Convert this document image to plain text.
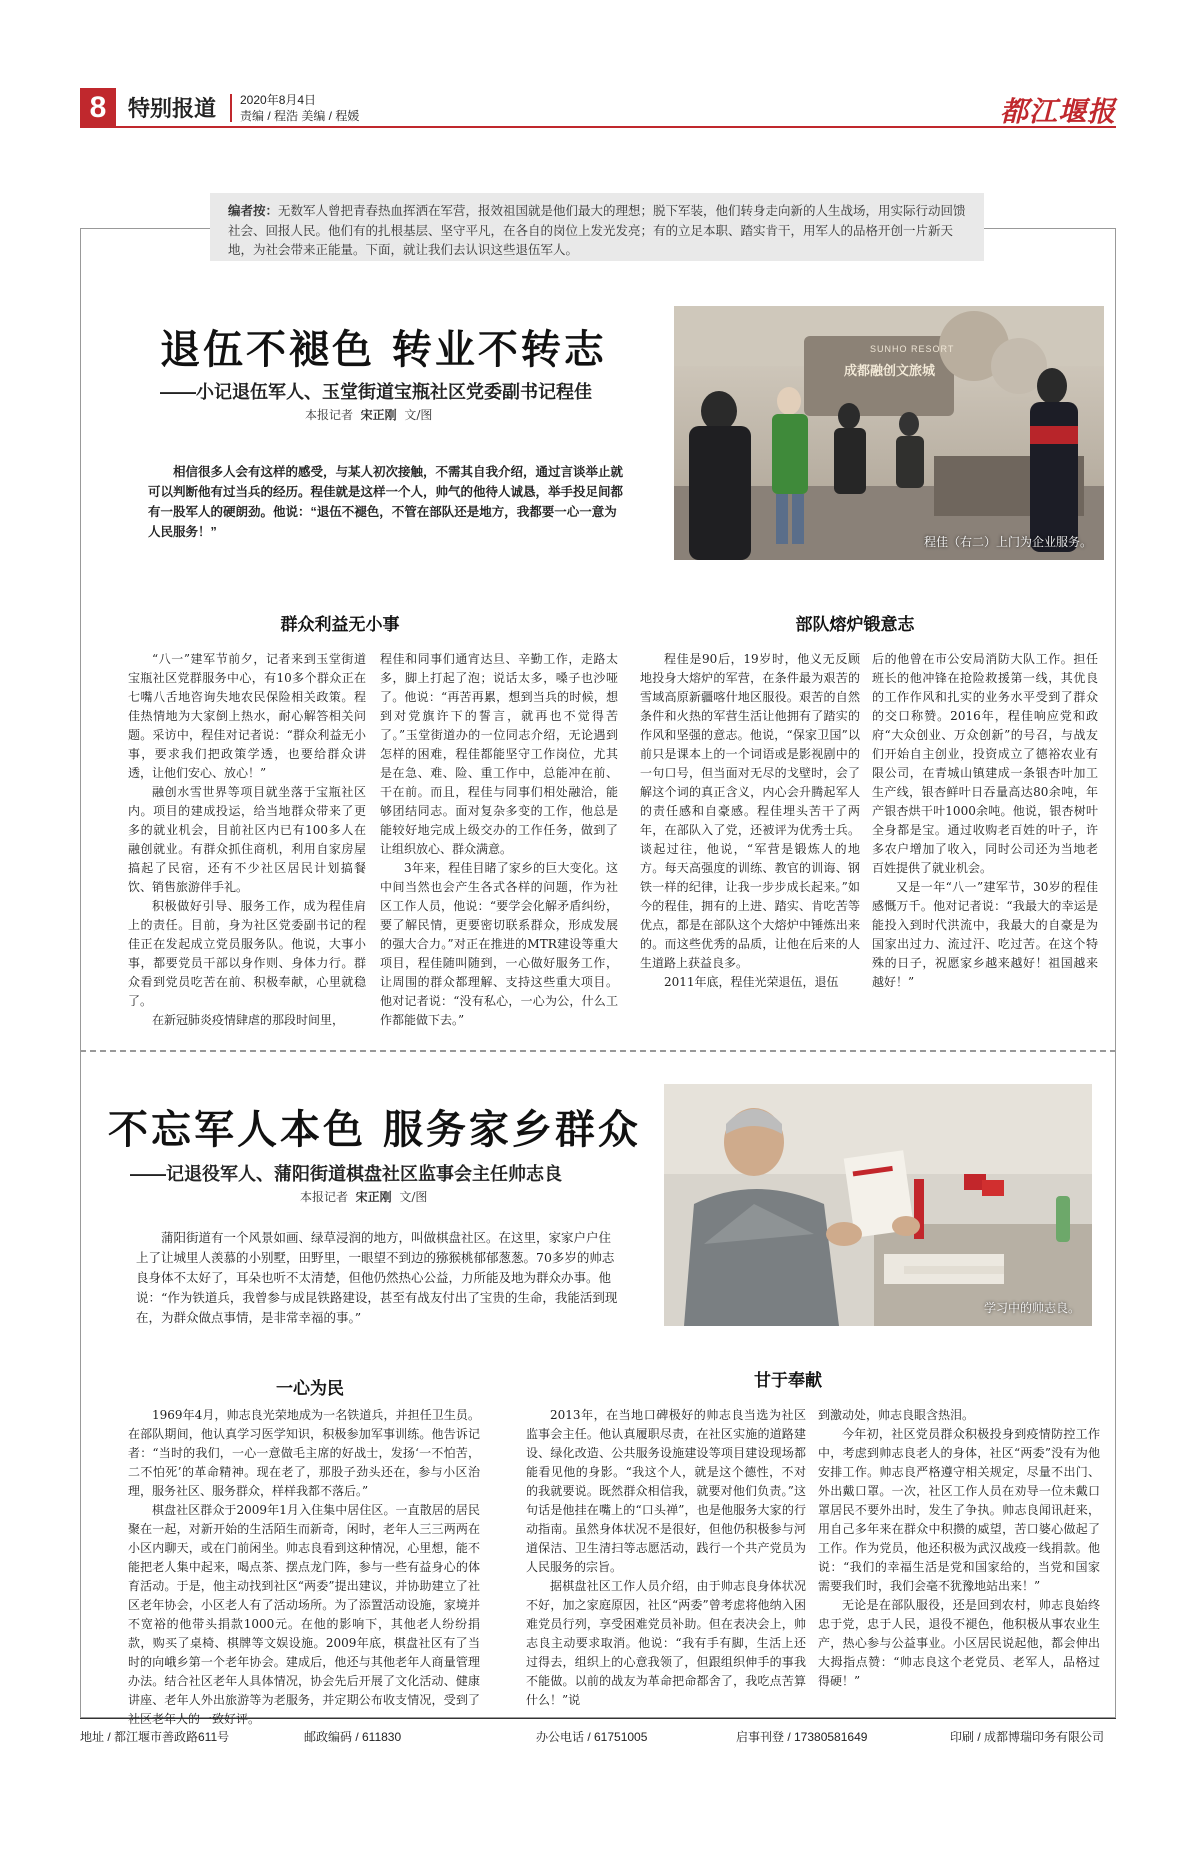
8 特别报道 2020年8月4日
责编 / 程浩 美编 / 程媛	都江堰报
编者按：无数军人曾把青春热血挥洒在军营，报效祖国就是他们最大的理想；脱下军装，他们转身走向新的人生战场，用实际行动回馈社会、回报人民。他们有的扎根基层、坚守平凡，在各自的岗位上发光发亮；有的立足本职、踏实肯干，用军人的品格开创一片新天地，为社会带来正能量。下面，就让我们去认识这些退伍军人。
退伍不褪色 转业不转志
——小记退伍军人、玉堂街道宝瓶社区党委副书记程佳
本报记者 宋正刚 文/图
相信很多人会有这样的感受，与某人初次接触，不需其自我介绍，通过言谈举止就可以判断他有过当兵的经历。程佳就是这样一个人，帅气的他待人诚恳，举手投足间都有一股军人的硬朗劲。他说：“退伍不褪色，不管在部队还是地方，我都要一心一意为人民服务！”
SUNHO RESORT
成都融创文旅城
程佳（右二）上门为企业服务。
群众利益无小事	部队熔炉锻意志

“八一”建军节前夕，记者来到玉堂街道宝瓶社区党群服务中心，有10多个群众正在七嘴八舌地咨询失地农民保险相关政策。程佳热情地为大家倒上热水，耐心解答相关问题。采访中，程佳对记者说：“群众利益无小事，要求我们把政策学透，也要给群众讲透，让他们安心、放心！”

融创水雪世界等项目就坐落于宝瓶社区内。项目的建成投运，给当地群众带来了更多的就业机会，目前社区内已有100多人在融创就业。有群众抓住商机，利用自家房屋搞起了民宿，还有不少社区居民计划搞餐饮、销售旅游伴手礼。

积极做好引导、服务工作，成为程佳肩上的责任。目前，身为社区党委副书记的程佳正在发起成立党员服务队。他说，大事小事，都要党员干部以身作则、身体力行。群众看到党员吃苦在前、积极奉献，心里就稳了。

在新冠肺炎疫情肆虐的那段时间里，

程佳和同事们通宵达旦、辛勤工作，走路太多，脚上打起了泡；说话太多，嗓子也沙哑了。他说：“再苦再累，想到当兵的时候，想到对党旗许下的誓言，就再也不觉得苦了。”玉堂街道办的一位同志介绍，无论遇到怎样的困难，程佳都能坚守工作岗位，尤其是在急、难、险、重工作中，总能冲在前、干在前。而且，程佳与同事们相处融洽，能够团结同志。面对复杂多变的工作，他总是能较好地完成上级交办的工作任务，做到了让组织放心、群众满意。

3年来，程佳目睹了家乡的巨大变化。这中间当然也会产生各式各样的问题，作为社区工作人员，他说：“要学会化解矛盾纠纷，要了解民情，更要密切联系群众，形成发展的强大合力。”对正在推进的MTR建设等重大项目，程佳随叫随到，一心做好服务工作，让周围的群众都理解、支持这些重大项目。他对记者说：“没有私心，一心为公，什么工作都能做下去。”

程佳是90后，19岁时，他义无反顾地投身大熔炉的军营，在条件最为艰苦的雪域高原新疆喀什地区服役。艰苦的自然条件和火热的军营生活让他拥有了踏实的作风和坚强的意志。他说，“保家卫国”以前只是课本上的一个词语或是影视剧中的一句口号，但当面对无尽的戈壁时，会了解这个词的真正含义，内心会升腾起军人的责任感和自豪感。程佳埋头苦干了两年，在部队入了党，还被评为优秀士兵。谈起过往，他说，“军营是锻炼人的地方。每天高强度的训练、教官的训诲、钢铁一样的纪律，让我一步步成长起来。”如今的程佳，拥有的上进、踏实、肯吃苦等优点，都是在部队这个大熔炉中锤炼出来的。而这些优秀的品质，让他在后来的人生道路上获益良多。

2011年底，程佳光荣退伍，退伍

后的他曾在市公安局消防大队工作。担任班长的他冲锋在抢险救援第一线，其优良的工作作风和扎实的业务水平受到了群众的交口称赞。2016年，程佳响应党和政府“大众创业、万众创新”的号召，与战友们开始自主创业，投资成立了德裕农业有限公司，在青城山镇建成一条银杏叶加工生产线，银杏鲜叶日吞量高达80余吨，年产银杏烘干叶1000余吨。他说，银杏树叶全身都是宝。通过收购老百姓的叶子，许多农户增加了收入，同时公司还为当地老百姓提供了就业机会。

又是一年“八一”建军节，30岁的程佳感慨万千。他对记者说：“我最大的幸运是能投入到时代洪流中，我最大的自豪是为国家出过力、流过汗、吃过苦。在这个特殊的日子，祝愿家乡越来越好！祖国越来越好！”

不忘军人本色 服务家乡群众
——记退役军人、蒲阳街道棋盘社区监事会主任帅志良
本报记者 宋正刚 文/图
蒲阳街道有一个风景如画、绿草浸润的地方，叫做棋盘社区。在这里，家家户户住上了让城里人羡慕的小别墅，田野里，一眼望不到边的猕猴桃郁郁葱葱。70多岁的帅志良身体不太好了，耳朵也听不太清楚，但他仍然热心公益，力所能及地为群众办事。他说：“作为铁道兵，我曾参与成昆铁路建设，甚至有战友付出了宝贵的生命，我能活到现在，为群众做点事情，是非常幸福的事。”
学习中的帅志良。
一心为民	甘于奉献

1969年4月，帅志良光荣地成为一名铁道兵，并担任卫生员。在部队期间，他认真学习医学知识，积极参加军事训练。他告诉记者：“当时的我们，一心一意做毛主席的好战士，发扬‘一不怕苦，二不怕死’的革命精神。现在老了，那股子劲头还在，参与小区治理，服务社区、服务群众，样样我都不落后。”

棋盘社区群众于2009年1月入住集中居住区。一直散居的居民聚在一起，对新开始的生活陌生而新奇，闲时，老年人三三两两在小区内聊天，或在门前闲坐。帅志良看到这种情况，心里想，能不能把老人集中起来，喝点茶、摆点龙门阵，参与一些有益身心的体育活动。于是，他主动找到社区“两委”提出建议，并协助建立了社区老年协会，小区老人有了活动场所。为了添置活动设施，家境并不宽裕的他带头捐款1000元。在他的影响下，其他老人纷纷捐款，购买了桌椅、棋牌等文娱设施。2009年底，棋盘社区有了当时的向峨乡第一个老年协会。建成后，他还与其他老年人商量管理办法。结合社区老年人具体情况，协会先后开展了文化活动、健康讲座、老年人外出旅游等为老服务，并定期公布收支情况，受到了社区老年人的一致好评。

2013年，在当地口碑极好的帅志良当选为社区监事会主任。他认真履职尽责，在社区实施的道路建设、绿化改造、公共服务设施建设等项目建设现场都能看见他的身影。“我这个人，就是这个德性，不对的我就要说。既然群众相信我，就要对他们负责。”这句话是他挂在嘴上的“口头禅”，也是他服务大家的行动指南。虽然身体状况不是很好，但他仍积极参与河道保洁、卫生清扫等志愿活动，践行一个共产党员为人民服务的宗旨。

据棋盘社区工作人员介绍，由于帅志良身体状况不好，加之家庭原因，社区“两委”曾考虑将他纳入困难党员行列，享受困难党员补助。但在表决会上，帅志良主动要求取消。他说：“我有手有脚，生活上还过得去，组织上的心意我领了，但跟组织伸手的事我不能做。以前的战友为革命把命都舍了，我吃点苦算什么！”说

到激动处，帅志良眼含热泪。

今年初，社区党员群众积极投身到疫情防控工作中，考虑到帅志良老人的身体，社区“两委”没有为他安排工作。帅志良严格遵守相关规定，尽量不出门、外出戴口罩。一次，社区工作人员在劝导一位未戴口罩居民不要外出时，发生了争执。帅志良闻讯赶来，用自己多年来在群众中积攒的威望，苦口婆心做起了工作。作为党员，他还积极为武汉战疫一线捐款。他说：“我们的幸福生活是党和国家给的，当党和国家需要我们时，我们会毫不犹豫地站出来！”

无论是在部队服役，还是回到农村，帅志良始终忠于党，忠于人民，退役不褪色，他积极从事农业生产，热心参与公益事业。小区居民说起他，都会伸出大拇指点赞：“帅志良这个老党员、老军人，品格过得硬！”

地址 / 都江堰市善政路611号	邮政编码 / 611830	办公电话 / 61751005	启事刊登 / 17380581649	印刷 / 成都博瑞印务有限公司
